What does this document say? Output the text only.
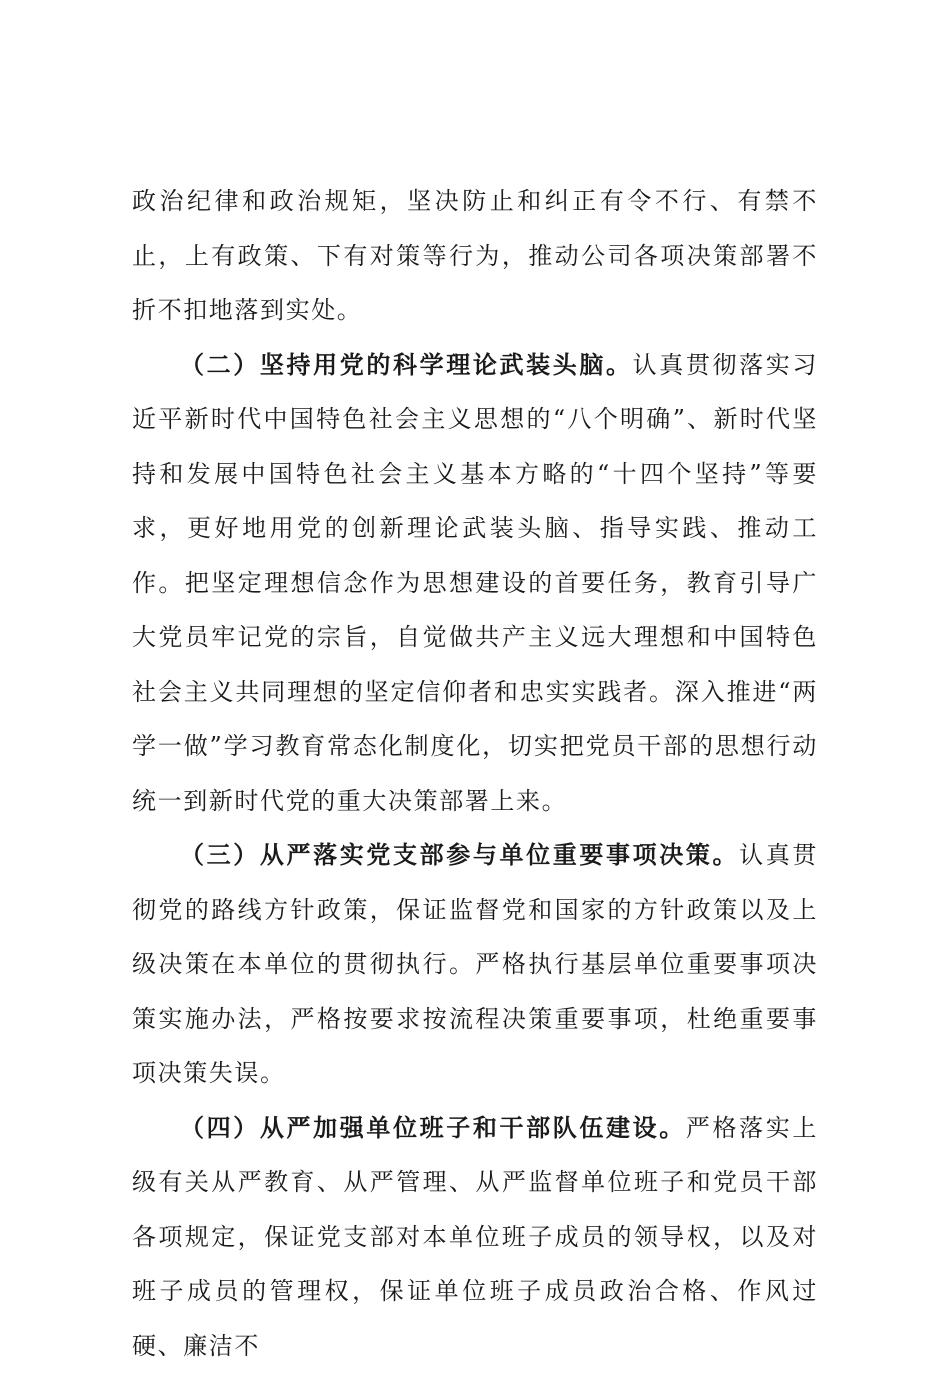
政治纪律和政治规矩，坚决防止和纠正有令不行、有禁不止，上有政策、下有对策等行为，推动公司各项决策部署不折不扣地落到实处。

（二）坚持用党的科学理论武装头脑。认真贯彻落实习近平新时代中国特色社会主义思想的“八个明确”、新时代坚持和发展中国特色社会主义基本方略的“十四个坚持”等要求，更好地用党的创新理论武装头脑、指导实践、推动工作。把坚定理想信念作为思想建设的首要任务，教育引导广大党员牢记党的宗旨，自觉做共产主义远大理想和中国特色社会主义共同理想的坚定信仰者和忠实实践者。深入推进“两学一做”学习教育常态化制度化，切实把党员干部的思想行动统一到新时代党的重大决策部署上来。

（三）从严落实党支部参与单位重要事项决策。认真贯彻党的路线方针政策，保证监督党和国家的方针政策以及上级决策在本单位的贯彻执行。严格执行基层单位重要事项决策实施办法，严格按要求按流程决策重要事项，杜绝重要事项决策失误。

（四）从严加强单位班子和干部队伍建设。严格落实上级有关从严教育、从严管理、从严监督单位班子和党员干部各项规定，保证党支部对本单位班子成员的领导权，以及对班子成员的管理权，保证单位班子成员政治合格、作风过硬、廉洁不
